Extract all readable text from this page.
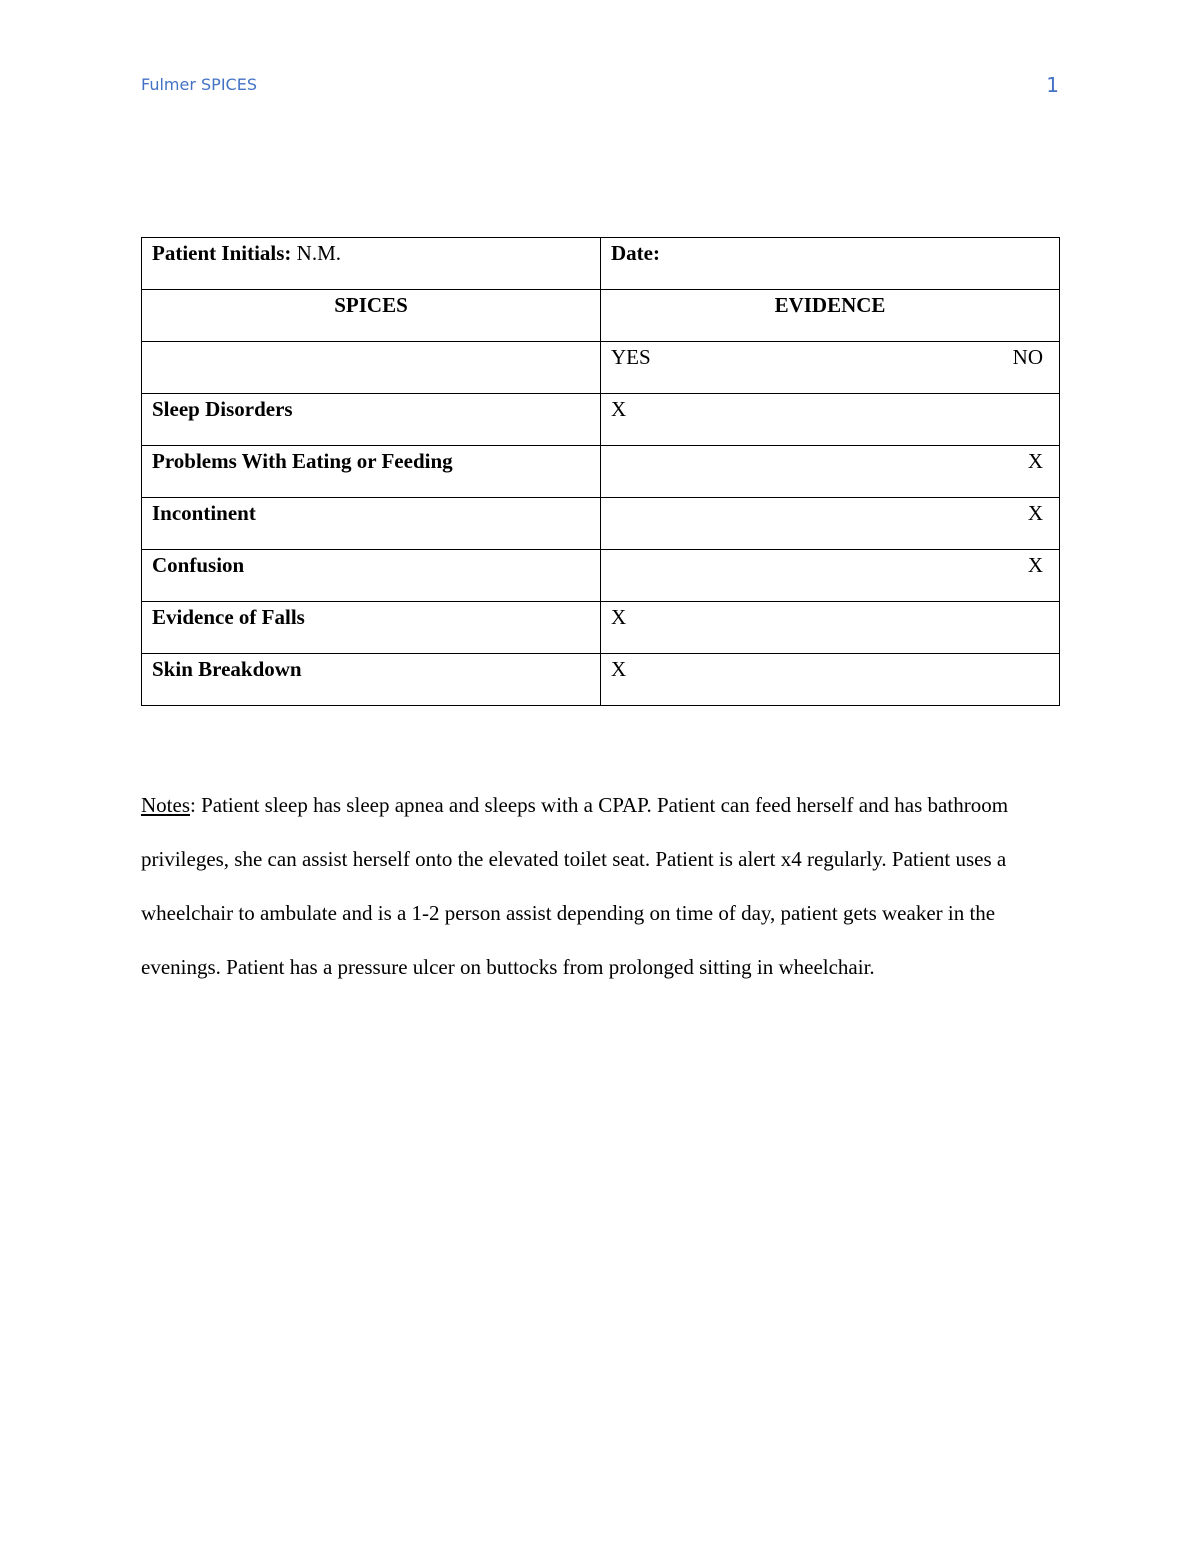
Fulmer SPICES	1
Patient Initials: N.M.	Date:
SPICES	EVIDENCE

	YES NO

Sleep Disorders	X

Problems With Eating or Feeding	X

Incontinent	X

Confusion	X

Evidence of Falls	X

Skin Breakdown	X
Notes: Patient sleep has sleep apnea and sleeps with a CPAP. Patient can feed herself and has bathroom privileges, she can assist herself onto the elevated toilet seat. Patient is alert x4 regularly. Patient uses a wheelchair to ambulate and is a 1-2 person assist depending on time of day, patient gets weaker in the evenings. Patient has a pressure ulcer on buttocks from prolonged sitting in wheelchair.
